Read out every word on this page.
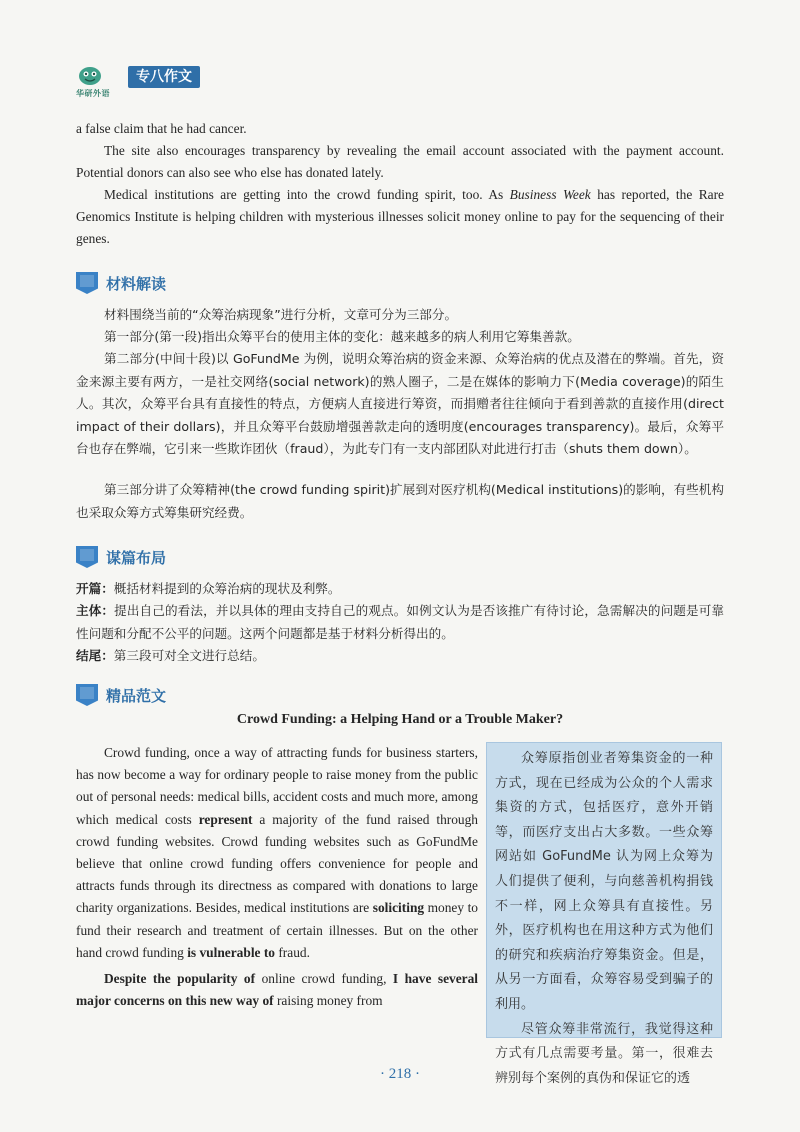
华研外语
专八作文
a false claim that he had cancer.
The site also encourages transparency by revealing the email account associated with the payment account. Potential donors can also see who else has donated lately.
Medical institutions are getting into the crowd funding spirit, too. As Business Week has reported, the Rare Genomics Institute is helping children with mysterious illnesses solicit money online to pay for the sequencing of their genes.
材料解读
材料围绕当前的“众筹治病现象”进行分析，文章可分为三部分。
第一部分(第一段)指出众筹平台的使用主体的变化：越来越多的病人利用它筹集善款。
第二部分(中间十段)以 GoFundMe 为例，说明众筹治病的资金来源、众筹治病的优点及潜在的弊端。首先，资金来源主要有两方，一是社交网络(social network)的熟人圈子，二是在媒体的影响力下(Media coverage)的陌生人。其次，众筹平台具有直接性的特点，方便病人直接进行筹资，而捐赠者往往倾向于看到善款的直接作用(direct impact of their dollars)，并且众筹平台鼓励增强善款走向的透明度(encourages transparency)。最后，众筹平台也存在弊端，它引来一些欺诈团伙（fraud），为此专门有一支内部团队对此进行打击（shuts them down）。
第三部分讲了众筹精神(the crowd funding spirit)扩展到对医疗机构(Medical institutions)的影响，有些机构也采取众筹方式筹集研究经费。
谋篇布局
开篇：概括材料提到的众筹治病的现状及利弊。
主体：提出自己的看法，并以具体的理由支持自己的观点。如例文认为是否该推广有待讨论，急需解决的问题是可靠性问题和分配不公平的问题。这两个问题都是基于材料分析得出的。
结尾：第三段可对全文进行总结。
精品范文
Crowd Funding: a Helping Hand or a Trouble Maker?

Crowd funding, once a way of attracting funds for business starters, has now become a way for ordinary people to raise money from the public out of personal needs: medical bills, accident costs and much more, among which medical costs represent a majority of the fund raised through crowd funding websites. Crowd funding websites such as GoFundMe believe that online crowd funding offers convenience for people and attracts funds through its directness as compared with donations to large charity organizations. Besides, medical institutions are soliciting money to fund their research and treatment of certain illnesses. But on the other hand crowd funding is vulnerable to fraud.

Despite the popularity of online crowd funding, I have several major concerns on this new way of raising money from

众筹原指创业者筹集资金的一种方式，现在已经成为公众的个人需求集资的方式，包括医疗，意外开销等，而医疗支出占大多数。一些众筹网站如 GoFundMe 认为网上众筹为人们提供了便利，与向慈善机构捐钱不一样，网上众筹具有直接性。另外，医疗机构也在用这种方式为他们的研究和疾病治疗筹集资金。但是，从另一方面看，众筹容易受到骗子的利用。

尽管众筹非常流行，我觉得这种方式有几点需要考量。第一，很难去辨别每个案例的真伪和保证它的透

· 218 ·
